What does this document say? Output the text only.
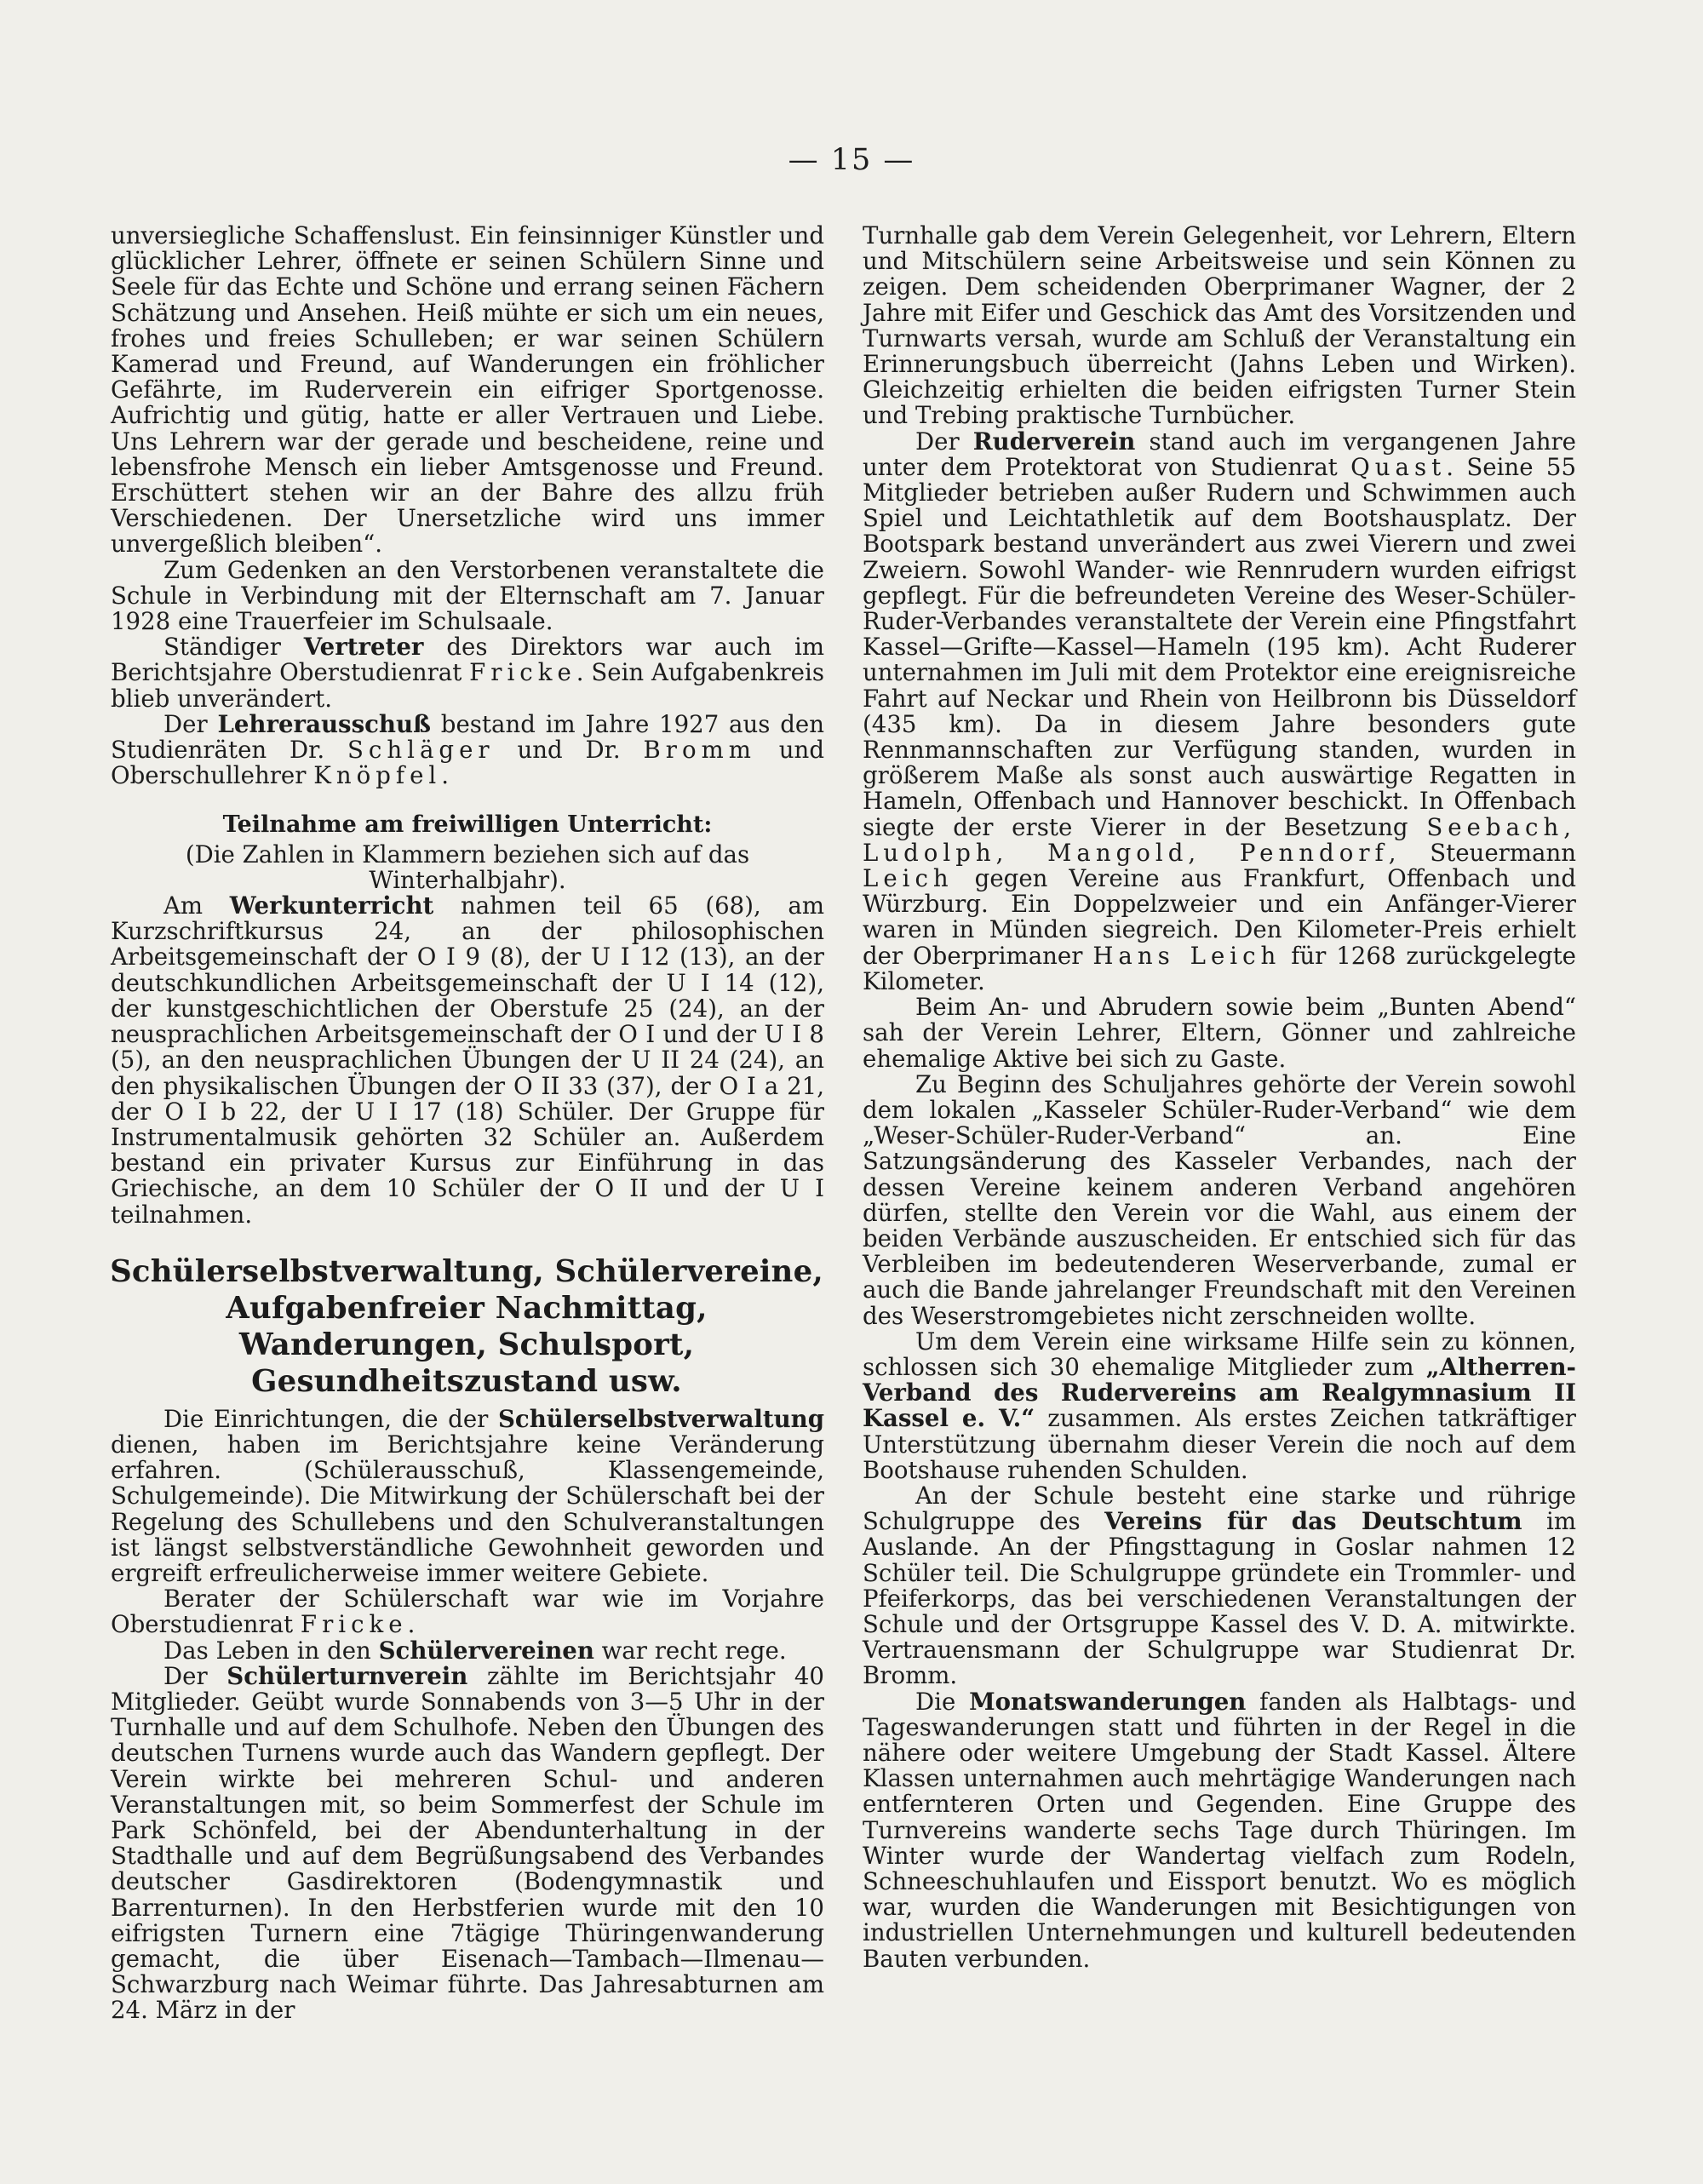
— 15 —

unversiegliche Schaffenslust. Ein feinsinniger Künstler und glücklicher Lehrer, öffnete er seinen Schülern Sinne und Seele für das Echte und Schöne und errang seinen Fächern Schätzung und Ansehen. Heiß mühte er sich um ein neues, frohes und freies Schulleben; er war seinen Schülern Kamerad und Freund, auf Wanderungen ein fröhlicher Gefährte, im Ruderverein ein eifriger Sportgenosse. Aufrichtig und gütig, hatte er aller Vertrauen und Liebe. Uns Lehrern war der gerade und bescheidene, reine und lebensfrohe Mensch ein lieber Amtsgenosse und Freund. Erschüttert stehen wir an der Bahre des allzu früh Verschiedenen. Der Unersetzliche wird uns immer unvergeßlich bleiben“.

Zum Gedenken an den Verstorbenen veranstaltete die Schule in Verbindung mit der Elternschaft am 7. Januar 1928 eine Trauerfeier im Schulsaale.

Ständiger Vertreter des Direktors war auch im Berichtsjahre Oberstudienrat Fricke. Sein Aufgabenkreis blieb unverändert.

Der Lehrerausschuß bestand im Jahre 1927 aus den Studienräten Dr. Schläger und Dr. Bromm und Oberschullehrer Knöpfel.

Teilnahme am freiwilligen Unterricht:

(Die Zahlen in Klammern beziehen sich auf das Winterhalbjahr).

Am Werkunterricht nahmen teil 65 (68), am Kurzschriftkursus 24, an der philosophischen Arbeitsgemeinschaft der O I 9 (8), der U I 12 (13), an der deutschkundlichen Arbeitsgemeinschaft der U I 14 (12), der kunstgeschichtlichen der Oberstufe 25 (24), an der neusprachlichen Arbeitsgemeinschaft der O I und der U I 8 (5), an den neusprachlichen Übungen der U II 24 (24), an den physikalischen Übungen der O II 33 (37), der O I a 21, der O I b 22, der U I 17 (18) Schüler. Der Gruppe für Instrumentalmusik gehörten 32 Schüler an. Außerdem bestand ein privater Kursus zur Einführung in das Griechische, an dem 10 Schüler der O II und der U I teilnahmen.

Schülerselbstverwaltung, Schülervereine, Aufgabenfreier Nachmittag, Wanderungen, Schulsport, Gesundheitszustand usw.

Die Einrichtungen, die der Schülerselbstverwaltung dienen, haben im Berichtsjahre keine Veränderung erfahren. (Schülerausschuß, Klassengemeinde, Schulgemeinde). Die Mitwirkung der Schülerschaft bei der Regelung des Schullebens und den Schulveranstaltungen ist längst selbstverständliche Gewohnheit geworden und ergreift erfreulicherweise immer weitere Gebiete.

Berater der Schülerschaft war wie im Vorjahre Oberstudienrat Fricke.

Das Leben in den Schülervereinen war recht rege.

Der Schülerturnverein zählte im Berichtsjahr 40 Mitglieder. Geübt wurde Sonnabends von 3—5 Uhr in der Turnhalle und auf dem Schulhofe. Neben den Übungen des deutschen Turnens wurde auch das Wandern gepflegt. Der Verein wirkte bei mehreren Schul- und anderen Veranstaltungen mit, so beim Sommerfest der Schule im Park Schönfeld, bei der Abendunterhaltung in der Stadthalle und auf dem Begrüßungsabend des Verbandes deutscher Gasdirektoren (Bodengymnastik und Barrenturnen). In den Herbstferien wurde mit den 10 eifrigsten Turnern eine 7tägige Thüringenwanderung gemacht, die über Eisenach—Tambach—Ilmenau—Schwarzburg nach Weimar führte. Das Jahresabturnen am 24. März in der

Turnhalle gab dem Verein Gelegenheit, vor Lehrern, Eltern und Mitschülern seine Arbeitsweise und sein Können zu zeigen. Dem scheidenden Oberprimaner Wagner, der 2 Jahre mit Eifer und Geschick das Amt des Vorsitzenden und Turnwarts versah, wurde am Schluß der Veranstaltung ein Erinnerungsbuch überreicht (Jahns Leben und Wirken). Gleichzeitig erhielten die beiden eifrigsten Turner Stein und Trebing praktische Turnbücher.

Der Ruderverein stand auch im vergangenen Jahre unter dem Protektorat von Studienrat Quast. Seine 55 Mitglieder betrieben außer Rudern und Schwimmen auch Spiel und Leichtathletik auf dem Bootshausplatz. Der Bootspark bestand unverändert aus zwei Vierern und zwei Zweiern. Sowohl Wander- wie Rennrudern wurden eifrigst gepflegt. Für die befreundeten Vereine des Weser-Schüler-Ruder-Verbandes veranstaltete der Verein eine Pfingstfahrt Kassel—Grifte—Kassel—Hameln (195 km). Acht Ruderer unternahmen im Juli mit dem Protektor eine ereignisreiche Fahrt auf Neckar und Rhein von Heilbronn bis Düsseldorf (435 km). Da in diesem Jahre besonders gute Rennmannschaften zur Verfügung standen, wurden in größerem Maße als sonst auch auswärtige Regatten in Hameln, Offenbach und Hannover beschickt. In Offenbach siegte der erste Vierer in der Besetzung Seebach, Ludolph, Mangold, Penndorf, Steuermann Leich gegen Vereine aus Frankfurt, Offenbach und Würzburg. Ein Doppelzweier und ein Anfänger-Vierer waren in Münden siegreich. Den Kilometer-Preis erhielt der Oberprimaner Hans Leich für 1268 zurückgelegte Kilometer.

Beim An- und Abrudern sowie beim „Bunten Abend“ sah der Verein Lehrer, Eltern, Gönner und zahlreiche ehemalige Aktive bei sich zu Gaste.

Zu Beginn des Schuljahres gehörte der Verein sowohl dem lokalen „Kasseler Schüler-Ruder-Verband“ wie dem „Weser-Schüler-Ruder-Verband“ an. Eine Satzungsänderung des Kasseler Verbandes, nach der dessen Vereine keinem anderen Verband angehören dürfen, stellte den Verein vor die Wahl, aus einem der beiden Verbände auszuscheiden. Er entschied sich für das Verbleiben im bedeutenderen Weserverbande, zumal er auch die Bande jahrelanger Freundschaft mit den Vereinen des Weserstromgebietes nicht zerschneiden wollte.

Um dem Verein eine wirksame Hilfe sein zu können, schlossen sich 30 ehemalige Mitglieder zum „Altherren-Verband des Rudervereins am Realgymnasium II Kassel e. V.“ zusammen. Als erstes Zeichen tatkräftiger Unterstützung übernahm dieser Verein die noch auf dem Bootshause ruhenden Schulden.

An der Schule besteht eine starke und rührige Schulgruppe des Vereins für das Deutschtum im Auslande. An der Pfingsttagung in Goslar nahmen 12 Schüler teil. Die Schulgruppe gründete ein Trommler- und Pfeiferkorps, das bei verschiedenen Veranstaltungen der Schule und der Ortsgruppe Kassel des V. D. A. mitwirkte. Vertrauensmann der Schulgruppe war Studienrat Dr. Bromm.

Die Monatswanderungen fanden als Halbtags- und Tageswanderungen statt und führten in der Regel in die nähere oder weitere Umgebung der Stadt Kassel. Ältere Klassen unternahmen auch mehrtägige Wanderungen nach entfernteren Orten und Gegenden. Eine Gruppe des Turnvereins wanderte sechs Tage durch Thüringen. Im Winter wurde der Wandertag vielfach zum Rodeln, Schneeschuhlaufen und Eissport benutzt. Wo es möglich war, wurden die Wanderungen mit Besichtigungen von industriellen Unternehmungen und kulturell bedeutenden Bauten verbunden.
